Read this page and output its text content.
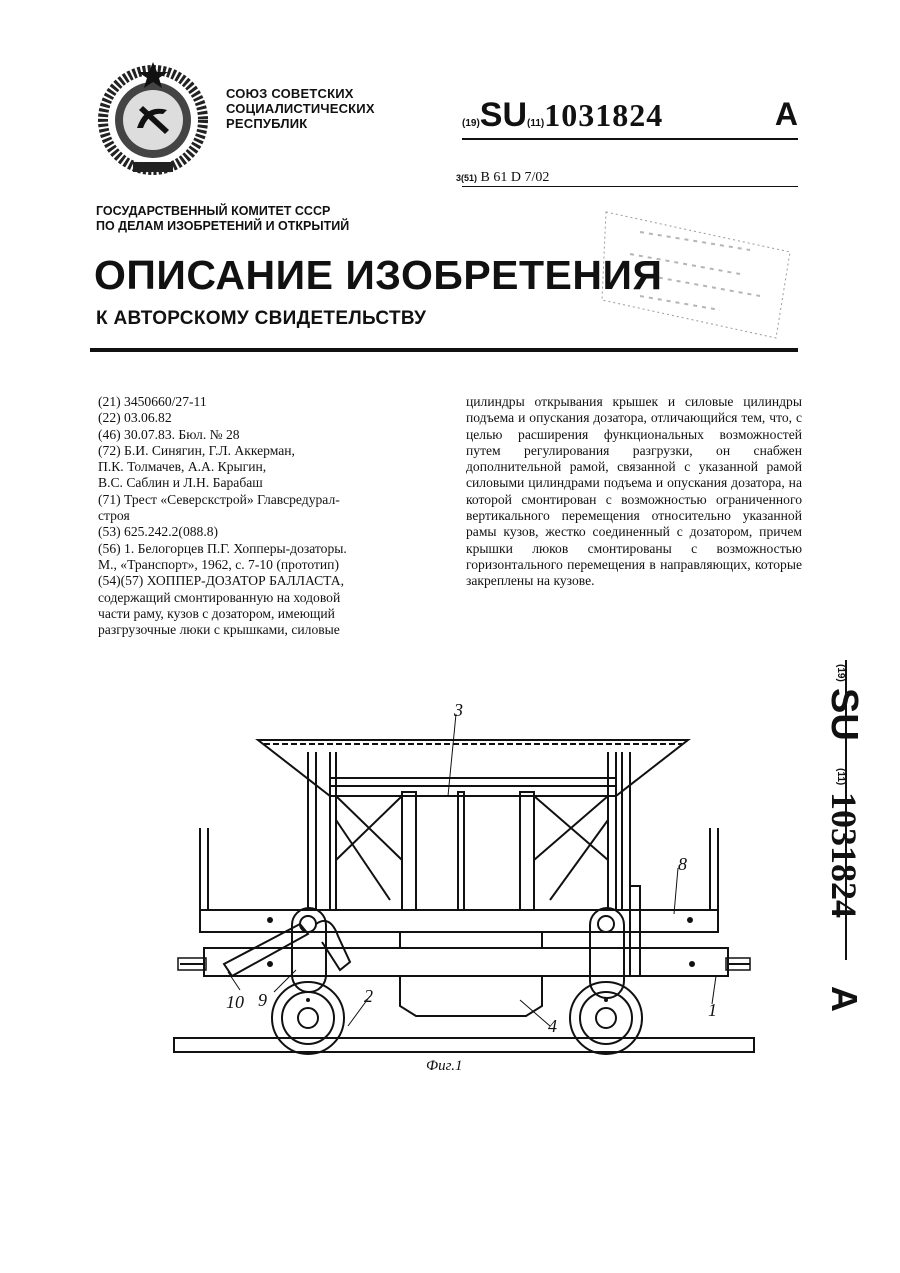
СОЮЗ СОВЕТСКИХ
СОЦИАЛИСТИЧЕСКИХ
РЕСПУБЛИК	(19)SU(11)1031824	A
3(51) B 61 D 7/02
ГОСУДАРСТВЕННЫЙ КОМИТЕТ СССР
ПО ДЕЛАМ ИЗОБРЕТЕНИЙ И ОТКРЫТИЙ
ОПИСАНИЕ ИЗОБРЕТЕНИЯ
К АВТОРСКОМУ СВИДЕТЕЛЬСТВУ
(21) 3450660/27-11
(22) 03.06.82
(46) 30.07.83. Бюл. № 28
(72) Б.И. Синягин, Г.Л. Аккерман,
П.К. Толмачев, А.А. Крыгин,
В.С. Саблин и Л.Н. Барабаш
(71) Трест «Северскстрой» Главсредурал-
строя
(53) 625.242.2(088.8)
(56) 1. Белогорцев П.Г. Хопперы-дозаторы.
М., «Транспорт», 1962, с. 7-10 (прототип)
(54)(57) ХОППЕР-ДОЗАТОР БАЛЛАСТА,
содержащий смонтированную на ходовой
части раму, кузов с дозатором, имеющий
разгрузочные люки с крышками, силовые
цилиндры открывания крышек и силовые цилиндры подъема и опускания дозатора, отличающийся тем, что, с целью расширения функциональных возможностей путем регулирования разгрузки, он снабжен дополнительной рамой, связанной с указанной рамой силовыми цилиндрами подъема и опускания дозатора, на которой смонтирован с возможностью ограниченного вертикального перемещения относительно указанной рамы кузов, жестко соединенный с дозатором, причем крышки люков смонтированы с возможностью горизонтального перемещения в направляющих, которые закреплены на кузове.
(19)
SU
(11)
1031824
A
3
8
10 9	2
4
1
Фиг.1
